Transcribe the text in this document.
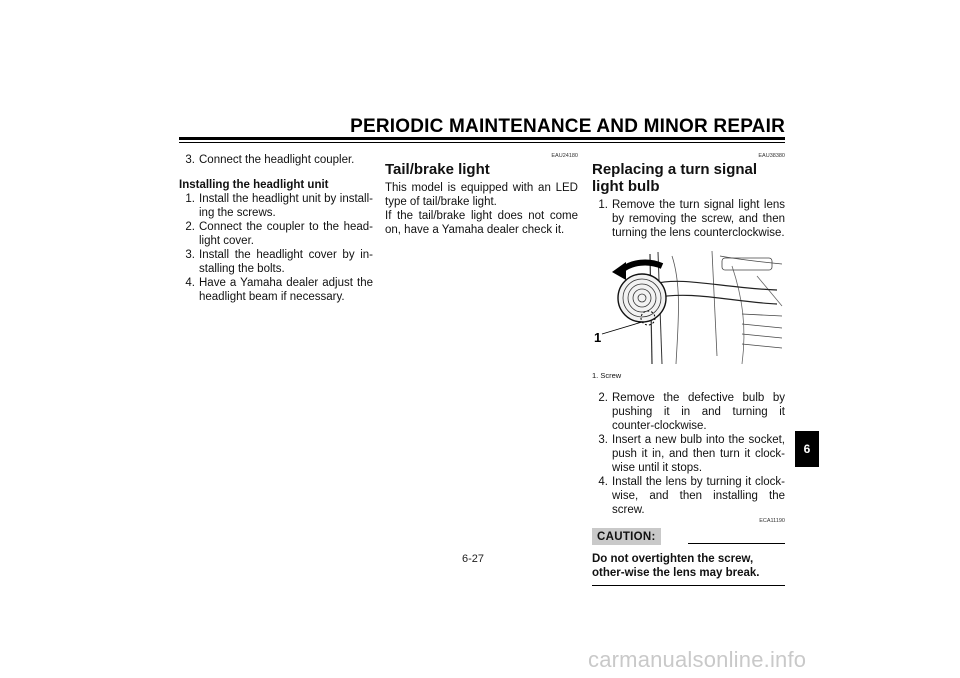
PERIODIC MAINTENANCE AND MINOR REPAIR
3. Connect the headlight coupler.

Installing the headlight unit

1. Install the headlight unit by install-ing the screws.
2. Connect the coupler to the head-light cover.
3. Install the headlight cover by in-stalling the bolts.
4. Have a Yamaha dealer adjust the headlight beam if necessary.
EAU24180
Tail/brake light

This model is equipped with an LED type of tail/brake light.

If the tail/brake light does not come on, have a Yamaha dealer check it.

EAU38380
Replacing a turn signal light bulb
1. Remove the turn signal light lens by removing the screw, and then turning the lens counterclockwise.
1
1. Screw
2. Remove the defective bulb by pushing it in and turning it counter-clockwise.
3. Insert a new bulb into the socket, push it in, and then turn it clock-wise until it stops.
4. Install the lens by turning it clock-wise, and then installing the screw.
ECA11190
CAUTION:
Do not overtighten the screw, other-wise the lens may break.
6
6-27
carmanualsonline.info
